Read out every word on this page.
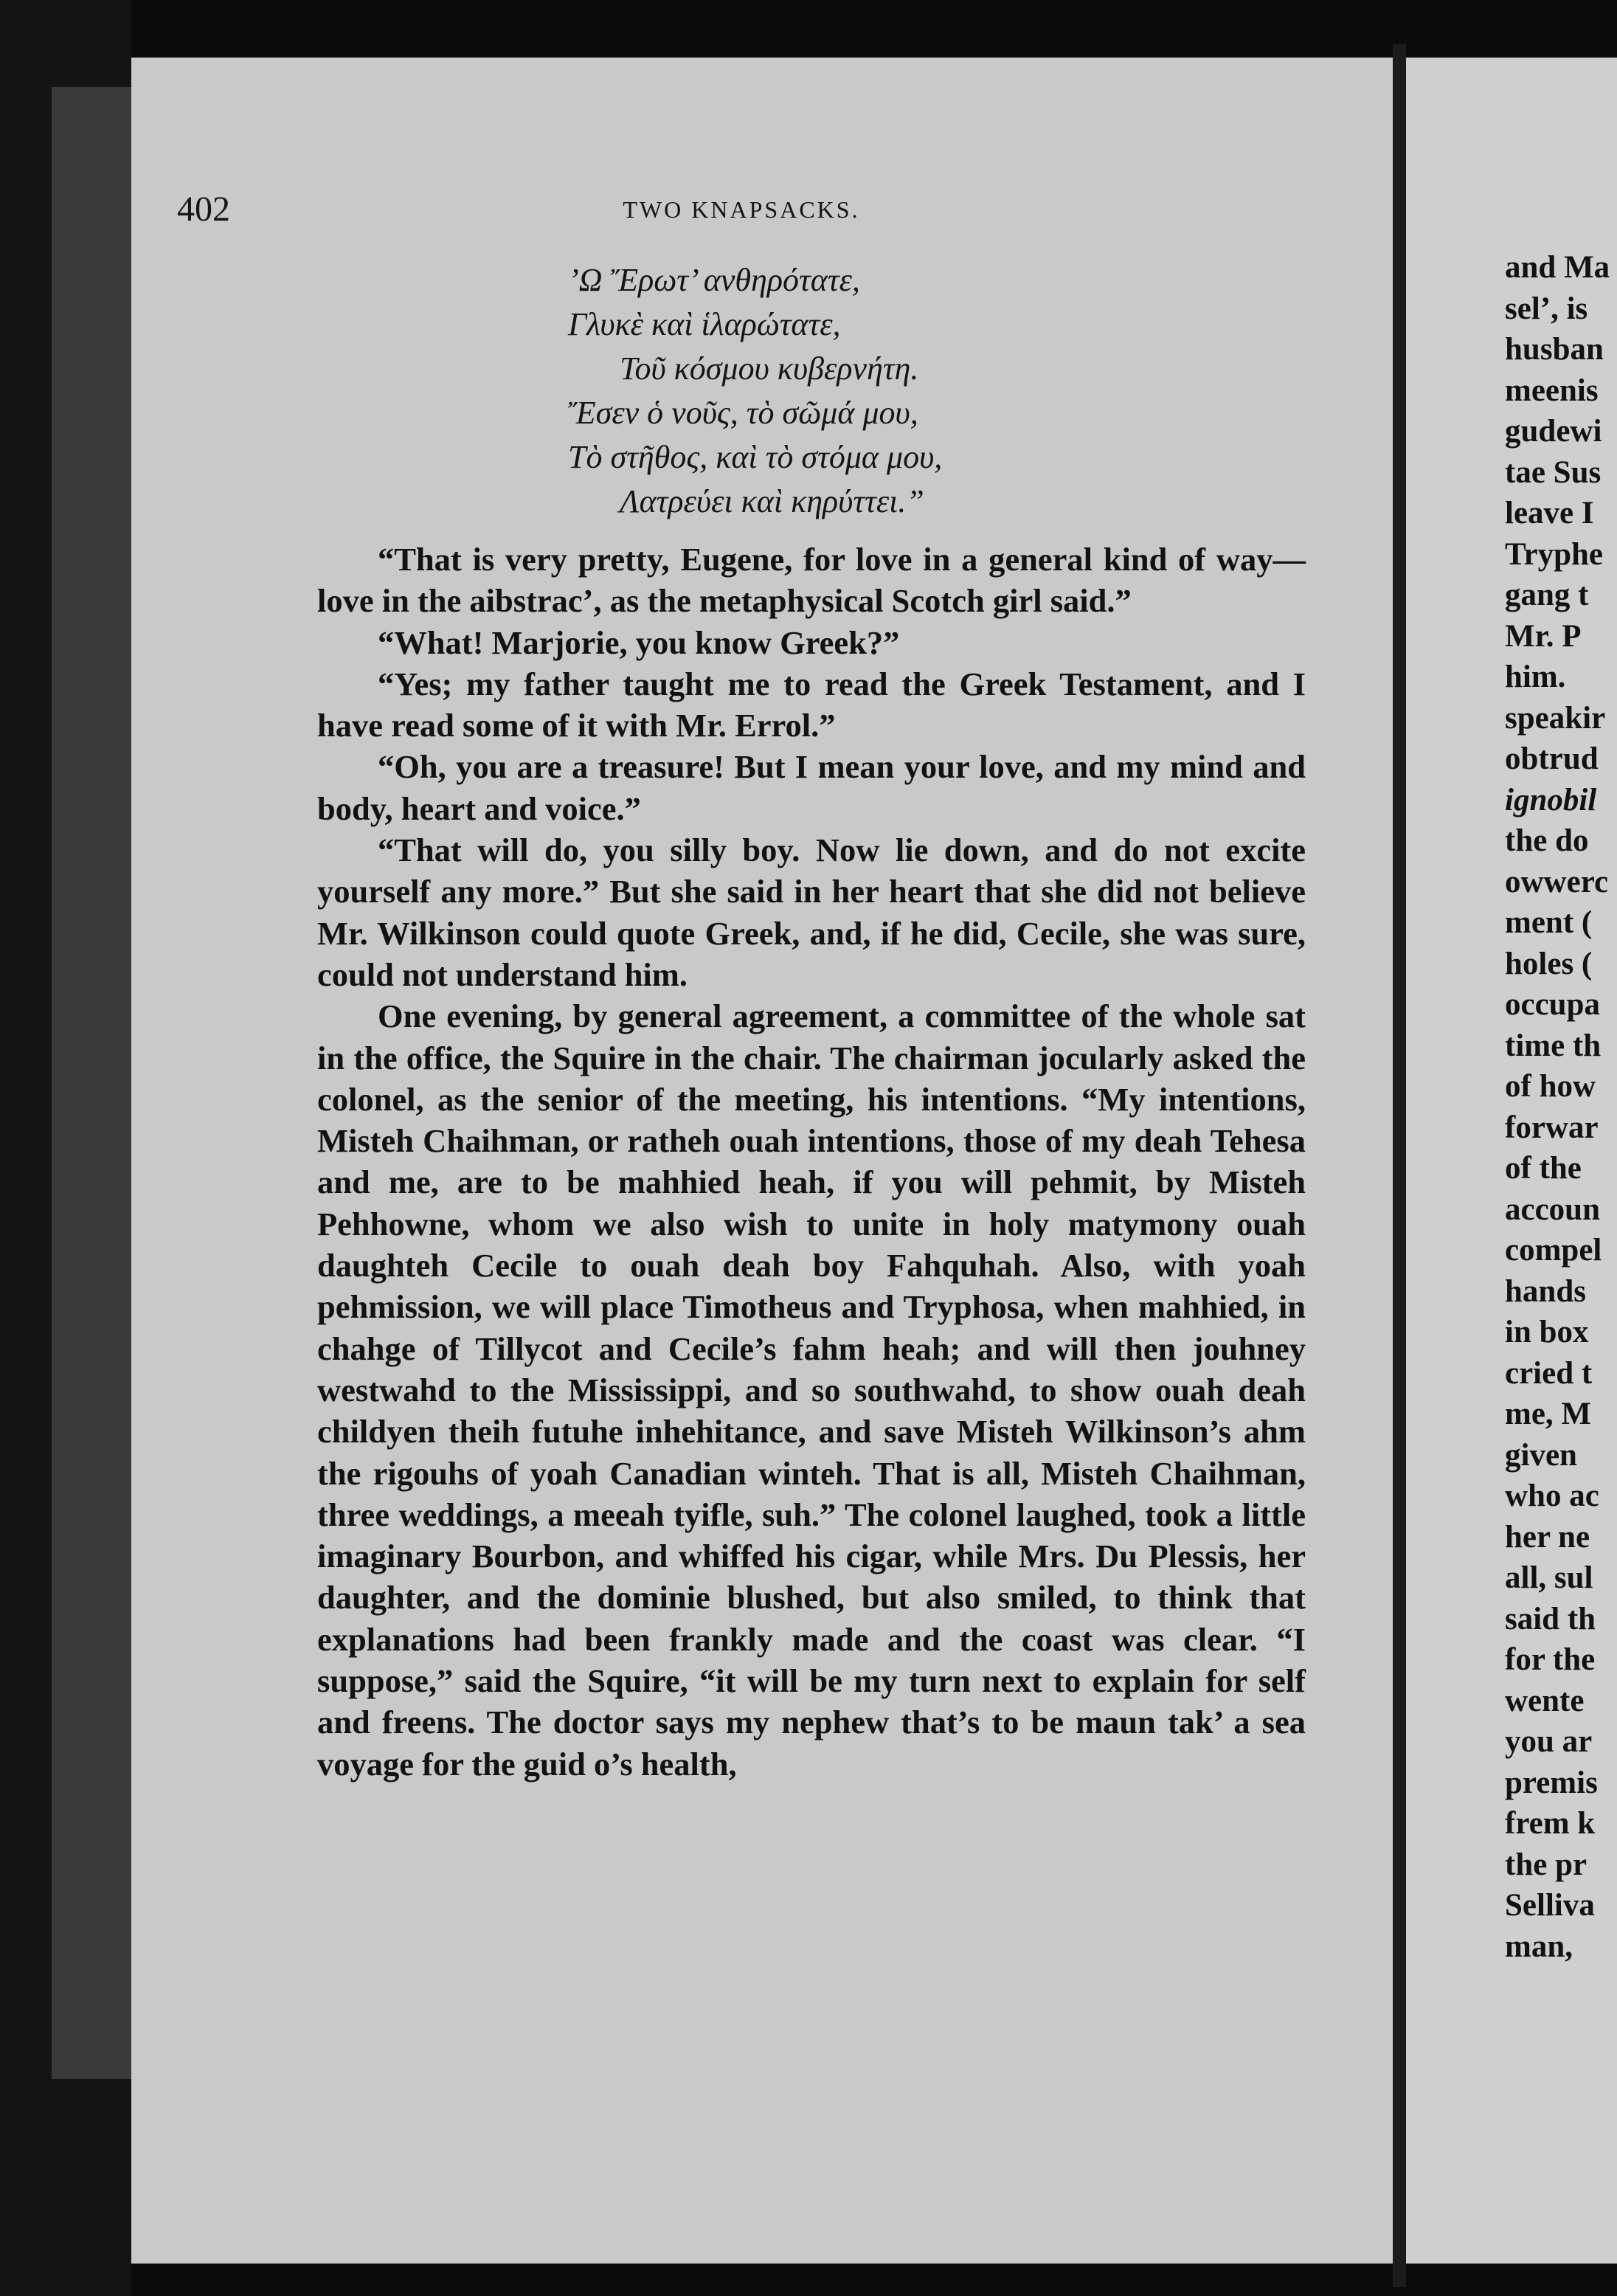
402	TWO KNAPSACKS.
’Ω Ἔρωτ’ ανθηρότατε,
Γλυκὲ καὶ ἱλαρώτατε,
Τοῦ κόσμου κυβερνήτη.
Ἔσεν ὁ νοῦς, τὸ σῶμά μου,
Τὸ στῆθος, καὶ τὸ στόμα μου,
Λατρεύει καὶ κηρύττει.”

“That is very pretty, Eugene, for love in a general kind of way—love in the aibstrac’, as the metaphysical Scotch girl said.”

“What! Marjorie, you know Greek?”

“Yes; my father taught me to read the Greek Testament, and I have read some of it with Mr. Errol.”

“Oh, you are a treasure! But I mean your love, and my mind and body, heart and voice.”

“That will do, you silly boy. Now lie down, and do not excite yourself any more.” But she said in her heart that she did not believe Mr. Wilkinson could quote Greek, and, if he did, Cecile, she was sure, could not understand him.

One evening, by general agreement, a committee of the whole sat in the office, the Squire in the chair. The chairman jocularly asked the colonel, as the senior of the meeting, his intentions. “My intentions, Misteh Chaihman, or ratheh ouah intentions, those of my deah Tehesa and me, are to be mahhied heah, if you will pehmit, by Misteh Pehhowne, whom we also wish to unite in holy matymony ouah daughteh Cecile to ouah deah boy Fahquhah. Also, with yoah pehmission, we will place Timotheus and Tryphosa, when mahhied, in chahge of Tillycot and Cecile’s fahm heah; and will then jouhney westwahd to the Mississippi, and so southwahd, to show ouah deah childyen theih futuhe inhehitance, and save Misteh Wilkinson’s ahm the rigouhs of yoah Canadian winteh. That is all, Misteh Chaihman, three weddings, a meeah tyifle, suh.” The colonel laughed, took a little imaginary Bourbon, and whiffed his cigar, while Mrs. Du Plessis, her daughter, and the dominie blushed, but also smiled, to think that explanations had been frankly made and the coast was clear. “I suppose,” said the Squire, “it will be my turn next to explain for self and freens. The doctor says my nephew that’s to be maun tak’ a sea voyage for the guid o’s health,

and Ma
sel’, is
husban
meenis
gudewi
tae Sus
leave I
Tryphe
gang t
Mr. P
him.
speakir
obtrud
ignobil
the do
owwerc
ment (
holes (
occupa
time th
of how
forwar
of the
accoun
compel
hands
in box
cried t
me, M
given
who ac
her ne
all, sul
said th
for the
wente
you ar
premis
frem k
the pr
Selliva
man,
